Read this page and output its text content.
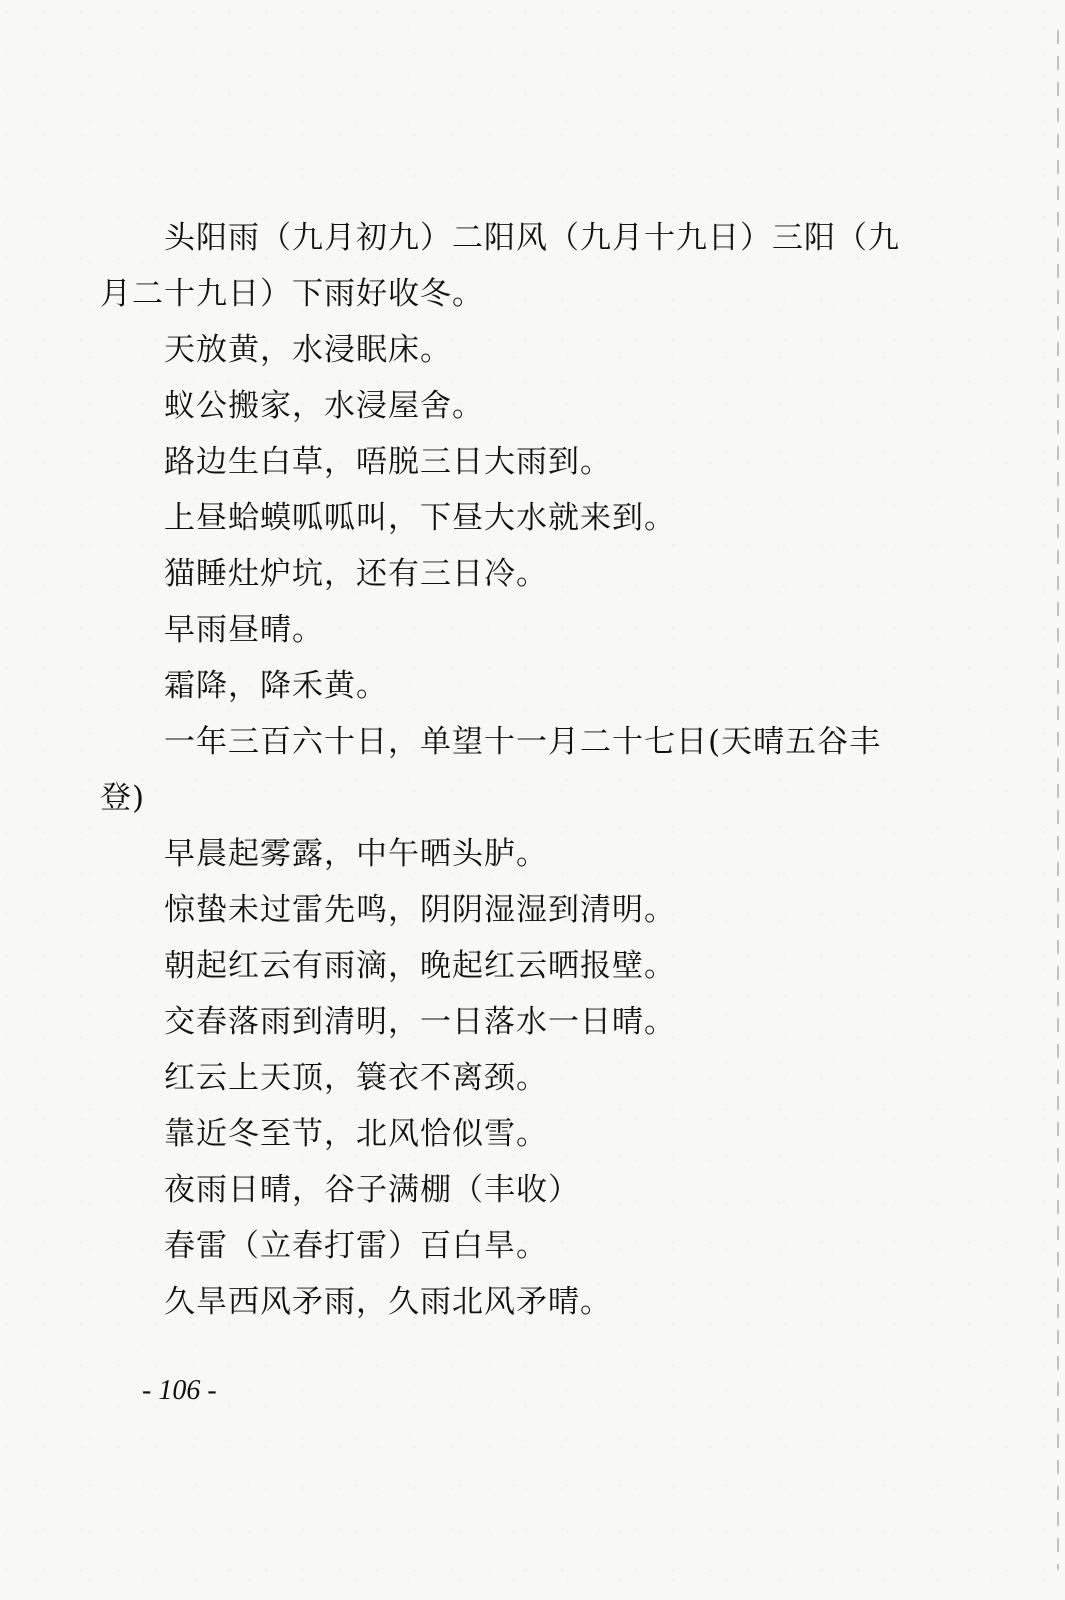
头阳雨（九月初九）二阳风（九月十九日）三阳（九
月二十九日）下雨好收冬。
天放黄，水浸眠床。
蚁公搬家，水浸屋舍。
路边生白草，唔脱三日大雨到。
上昼蛤蟆呱呱叫，下昼大水就来到。
猫睡灶炉坑，还有三日冷。
早雨昼晴。
霜降，降禾黄。
一年三百六十日，单望十一月二十七日(天晴五谷丰
登)
早晨起雾露，中午晒头胪。
惊蛰未过雷先鸣，阴阴湿湿到清明。
朝起红云有雨滴，晚起红云晒报壁。
交春落雨到清明，一日落水一日晴。
红云上天顶，簑衣不离颈。
靠近冬至节，北风恰似雪。
夜雨日晴，谷子满棚（丰收）
春雷（立春打雷）百白旱。
久旱西风矛雨，久雨北风矛晴。
- 106 -
